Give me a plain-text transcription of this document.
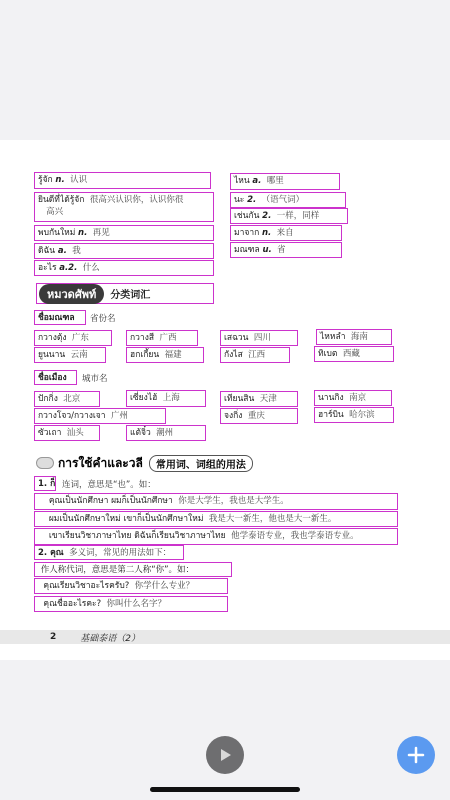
รู้จัก n. 认识
ยินดีที่ได้รู้จัก 很高兴认识你，认识你很
高兴
พบกันใหม่ n. 再见
ดิฉัน a. 我
อะไร a.2. 什么
ไหน a. 哪里
นะ 2. （语气词）
เช่นกัน 2. 一样，同样
มาจาก n. 来自
มณฑล u. 省
หมวดศัพท์	分类词汇
ชื่อมณฑล	省份名
กวางตุ้ง 广东	กวางสี 广西	เสฉวน 四川	ไหหลำ 海南
ยูนนาน 云南	ฮกเกี้ยน 福建	กังไส 江西	ทิเบต 西藏
ชื่อเมือง	城市名
ปักกิ่ง 北京	เซี่ยงไฮ้ 上海	เทียนสิน 天津	นานกิง 南京
กวางโจว/กวางเจา 广州	จงกิ่ง 重庆	ฮาร์บิน 哈尔滨
ซัวเถา 汕头	แต้จิ๋ว 潮州
การใช้คำและวลี	常用词、词组的用法
1. ก็ 连词，意思是“也”。如：
คุณเป็นนักศึกษา ผมก็เป็นนักศึกษา 你是大学生，我也是大学生。
ผมเป็นนักศึกษาใหม่ เขาก็เป็นนักศึกษาใหม่ 我是大一新生，他也是大一新生。
เขาเรียนวิชาภาษาไทย ดิฉันก็เรียนวิชาภาษาไทย 他学泰语专业，我也学泰语专业。
2. คุณ 多义词，常见的用法如下：
作人称代词，意思是第二人称“你”。如：
คุณเรียนวิชาอะไรครับ? 你学什么专业？
คุณชื่ออะไรคะ? 你叫什么名字？
2	基础泰语（2）
